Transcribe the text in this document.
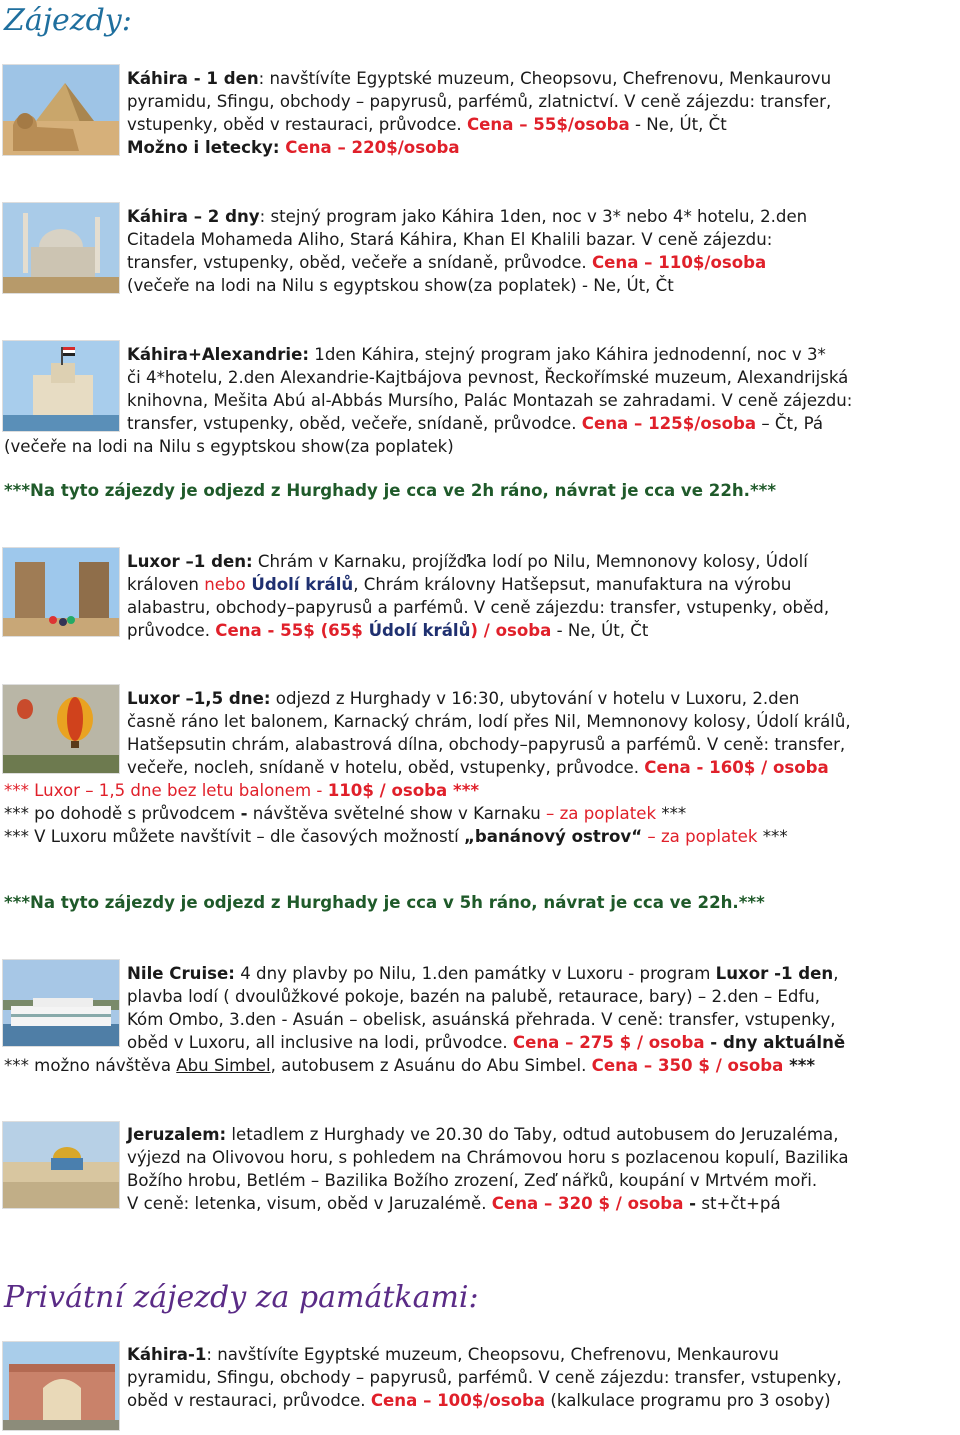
Zájezdy:
Káhira - 1 den: navštívíte Egyptské muzeum, Cheopsovu, Chefrenovu, Menkaurovu
pyramidu, Sfingu, obchody – papyrusů, parfémů, zlatnictví. V ceně zájezdu: transfer,
vstupenky, oběd v restauraci, průvodce. Cena – 55$/osoba - Ne, Út, Čt
Možno i letecky: Cena – 220$/osoba
Káhira – 2 dny: stejný program jako Káhira 1den, noc v 3* nebo 4* hotelu, 2.den
Citadela Mohameda Aliho, Stará Káhira, Khan El Khalili bazar. V ceně zájezdu:
transfer, vstupenky, oběd, večeře a snídaně, průvodce. Cena – 110$/osoba
(večeře na lodi na Nilu s egyptskou show(za poplatek) - Ne, Út, Čt
Káhira+Alexandrie: 1den Káhira, stejný program jako Káhira jednodenní, noc v 3*
či 4*hotelu, 2.den Alexandrie-Kajtbájova pevnost, Řeckořímské muzeum, Alexandrijská
knihovna, Mešita Abú al-Abbás Mursího, Palác Montazah se zahradami. V ceně zájezdu:
transfer, vstupenky, oběd, večeře, snídaně, průvodce. Cena – 125$/osoba – Čt, Pá
(večeře na lodi na Nilu s egyptskou show(za poplatek)
***Na tyto zájezdy je odjezd z Hurghady je cca ve 2h ráno, návrat je cca ve 22h.***
Luxor –1 den: Chrám v Karnaku, projížďka lodí po Nilu, Memnonovy kolosy, Údolí
královen nebo Údolí králů, Chrám královny Hatšepsut, manufaktura na výrobu
alabastru, obchody–papyrusů a parfémů. V ceně zájezdu: transfer, vstupenky, oběd,
průvodce. Cena - 55$ (65$ Údolí králů) / osoba - Ne, Út, Čt
Luxor –1,5 dne: odjezd z Hurghady v 16:30, ubytování v hotelu v Luxoru, 2.den
časně ráno let balonem, Karnacký chrám, lodí přes Nil, Memnonovy kolosy, Údolí králů,
Hatšepsutin chrám, alabastrová dílna, obchody–papyrusů a parfémů. V ceně: transfer,
večeře, nocleh, snídaně v hotelu, oběd, vstupenky, průvodce. Cena - 160$ / osoba
*** Luxor – 1,5 dne bez letu balonem - 110$ / osoba ***
*** po dohodě s průvodcem - návštěva světelné show v Karnaku – za poplatek ***
*** V Luxoru můžete navštívit – dle časových možností „banánový ostrov“ – za poplatek ***
***Na tyto zájezdy je odjezd z Hurghady je cca v 5h ráno, návrat je cca ve 22h.***
Nile Cruise: 4 dny plavby po Nilu, 1.den památky v Luxoru - program Luxor -1 den,
plavba lodí ( dvoulůžkové pokoje, bazén na palubě, retaurace, bary) – 2.den – Edfu,
Kóm Ombo, 3.den - Asuán – obelisk, asuánská přehrada. V ceně: transfer, vstupenky,
oběd v Luxoru, all inclusive na lodi, průvodce. Cena – 275 $ / osoba - dny aktuálně
*** možno návštěva Abu Simbel, autobusem z Asuánu do Abu Simbel. Cena – 350 $ / osoba ***
Jeruzalem: letadlem z Hurghady ve 20.30 do Taby, odtud autobusem do Jeruzaléma,
výjezd na Olivovou horu, s pohledem na Chrámovou horu s pozlacenou kopulí, Bazilika
Božího hrobu, Betlém – Bazilika Božího zrození, Zeď nářků, koupání v Mrtvém moři.
V ceně: letenka, visum, oběd v Jaruzalémě. Cena – 320 $ / osoba - st+čt+pá
Privátní zájezdy za památkami:
Káhira-1: navštívíte Egyptské muzeum, Cheopsovu, Chefrenovu, Menkaurovu
pyramidu, Sfingu, obchody – papyrusů, parfémů. V ceně zájezdu: transfer, vstupenky,
oběd v restauraci, průvodce. Cena – 100$/osoba (kalkulace programu pro 3 osoby)
